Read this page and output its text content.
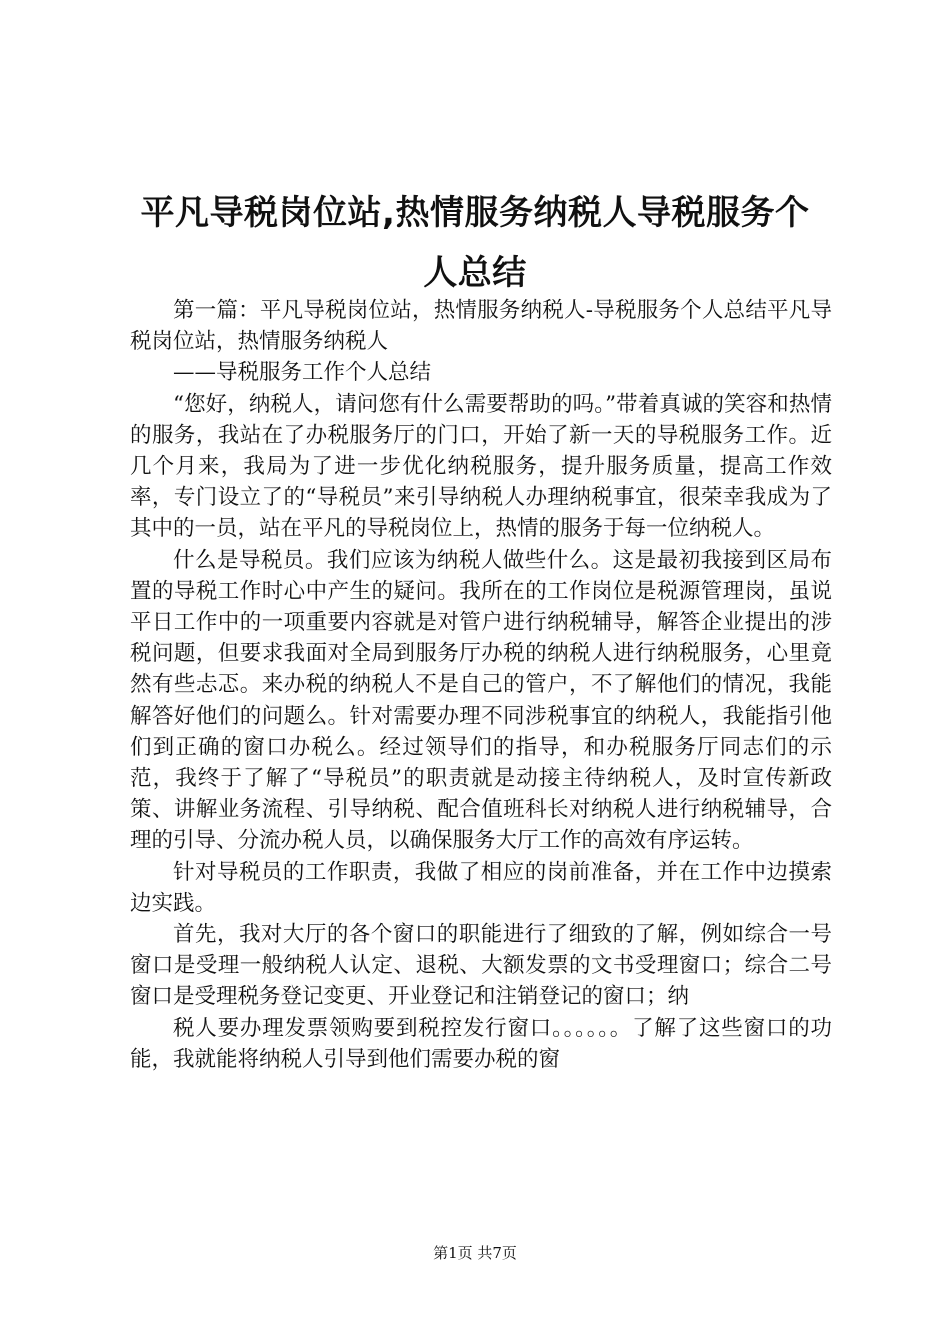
平凡导税岗位站,热情服务纳税人导税服务个
人总结

第一篇：平凡导税岗位站，热情服务纳税人-导税服务个人总结平凡导税岗位站，热情服务纳税人

——导税服务工作个人总结

“您好，纳税人，请问您有什么需要帮助的吗。”带着真诚的笑容和热情的服务，我站在了办税服务厅的门口，开始了新一天的导税服务工作。近几个月来，我局为了进一步优化纳税服务，提升服务质量，提高工作效率，专门设立了的“导税员”来引导纳税人办理纳税事宜，很荣幸我成为了其中的一员，站在平凡的导税岗位上，热情的服务于每一位纳税人。

什么是导税员。我们应该为纳税人做些什么。这是最初我接到区局布置的导税工作时心中产生的疑问。我所在的工作岗位是税源管理岗，虽说平日工作中的一项重要内容就是对管户进行纳税辅导，解答企业提出的涉税问题，但要求我面对全局到服务厅办税的纳税人进行纳税服务，心里竟然有些忐忑。来办税的纳税人不是自己的管户，不了解他们的情况，我能解答好他们的问题么。针对需要办理不同涉税事宜的纳税人，我能指引他们到正确的窗口办税么。经过领导们的指导，和办税服务厅同志们的示范，我终于了解了“导税员”的职责就是动接主待纳税人，及时宣传新政策、讲解业务流程、引导纳税、配合值班科长对纳税人进行纳税辅导，合理的引导、分流办税人员，以确保服务大厅工作的高效有序运转。

针对导税员的工作职责，我做了相应的岗前准备，并在工作中边摸索边实践。

首先，我对大厅的各个窗口的职能进行了细致的了解，例如综合一号窗口是受理一般纳税人认定、退税、大额发票的文书受理窗口；综合二号窗口是受理税务登记变更、开业登记和注销登记的窗口；纳

税人要办理发票领购要到税控发行窗口。。。。。。了解了这些窗口的功能，我就能将纳税人引导到他们需要办税的窗

第1页 共7页
